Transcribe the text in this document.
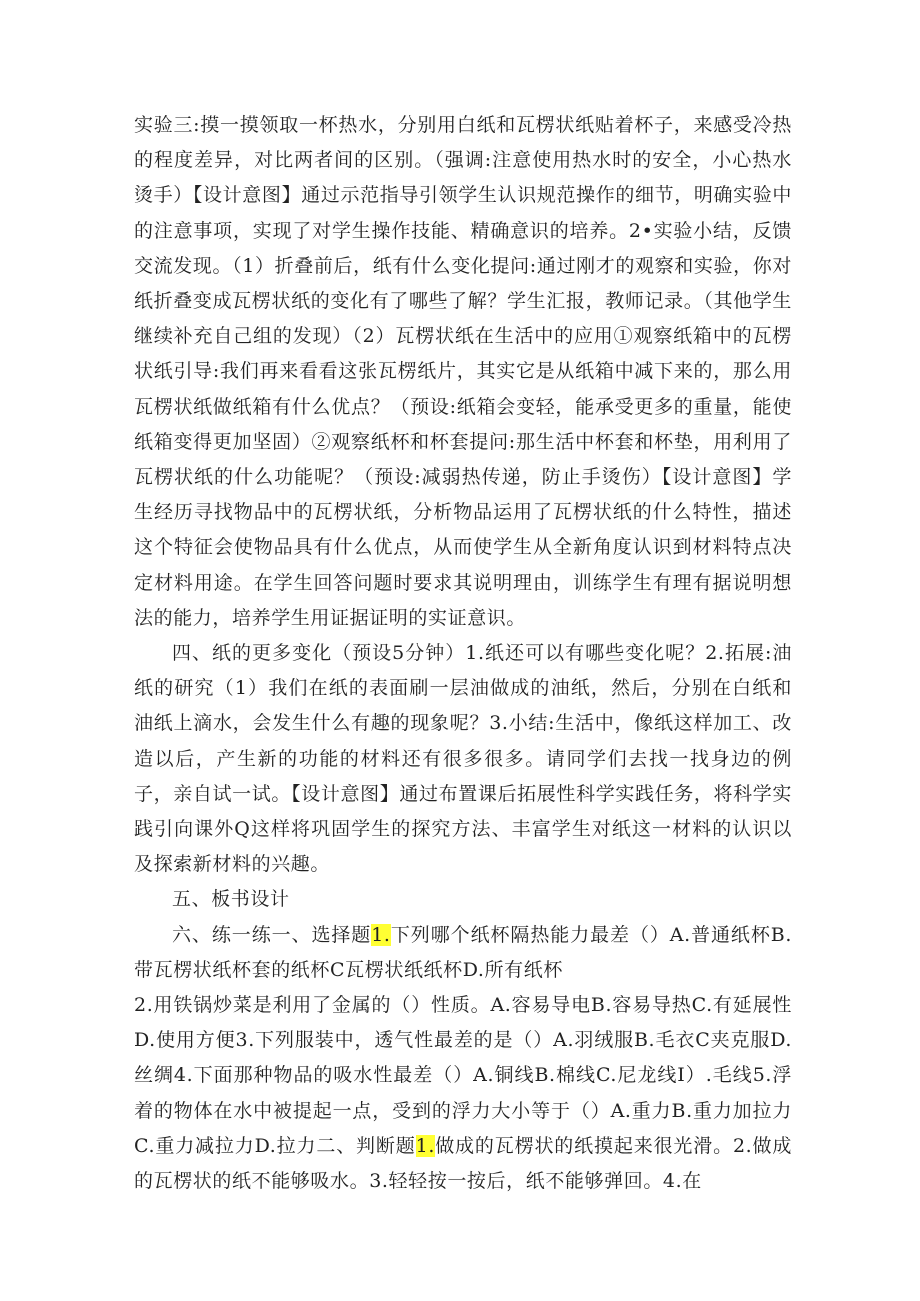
实验三:摸一摸领取一杯热水，分别用白纸和瓦楞状纸贴着杯子，来感受冷热的程度差异，对比两者间的区别。（强调:注意使用热水时的安全，小心热水烫手）【设计意图】通过示范指导引领学生认识规范操作的细节，明确实验中的注意事项，实现了对学生操作技能、精确意识的培养。2•实验小结，反馈交流发现。（1）折叠前后，纸有什么变化提问:通过刚才的观察和实验，你对纸折叠变成瓦楞状纸的变化有了哪些了解？学生汇报，教师记录。（其他学生继续补充自己组的发现）（2）瓦楞状纸在生活中的应用①观察纸箱中的瓦楞状纸引导:我们再来看看这张瓦楞纸片，其实它是从纸箱中减下来的，那么用瓦楞状纸做纸箱有什么优点？（预设:纸箱会变轻，能承受更多的重量，能使纸箱变得更加坚固）②观察纸杯和杯套提问:那生活中杯套和杯垫，用利用了瓦楞状纸的什么功能呢？（预设:减弱热传递，防止手烫伤）【设计意图】学生经历寻找物品中的瓦楞状纸，分析物品运用了瓦楞状纸的什么特性，描述这个特征会使物品具有什么优点，从而使学生从全新角度认识到材料特点决定材料用途。在学生回答问题时要求其说明理由，训练学生有理有据说明想法的能力，培养学生用证据证明的实证意识。

四、纸的更多变化（预设5分钟）1.纸还可以有哪些变化呢？2.拓展:油纸的研究（1）我们在纸的表面刷一层油做成的油纸，然后，分别在白纸和油纸上滴水，会发生什么有趣的现象呢？3.小结:生活中，像纸这样加工、改造以后，产生新的功能的材料还有很多很多。请同学们去找一找身边的例子，亲自试一试。【设计意图】通过布置课后拓展性科学实践任务，将科学实践引向课外Q这样将巩固学生的探究方法、丰富学生对纸这一材料的认识以及探索新材料的兴趣。

五、板书设计

六、练一练一、选择题1.下列哪个纸杯隔热能力最差（）A.普通纸杯B.带瓦楞状纸杯套的纸杯C瓦楞状纸纸杯D.所有纸杯

2.用铁锅炒菜是利用了金属的（）性质。A.容易导电B.容易导热C.有延展性D.使用方便3.下列服装中，透气性最差的是（）A.羽绒服B.毛衣C夹克服D.丝绸4.下面那种物品的吸水性最差（）A.铜线B.棉线C.尼龙线I）.毛线5.浮着的物体在水中被提起一点，受到的浮力大小等于（）A.重力B.重力加拉力C.重力减拉力D.拉力二、判断题1.做成的瓦楞状的纸摸起来很光滑。2.做成的瓦楞状的纸不能够吸水。3.轻轻按一按后，纸不能够弹回。4.在
